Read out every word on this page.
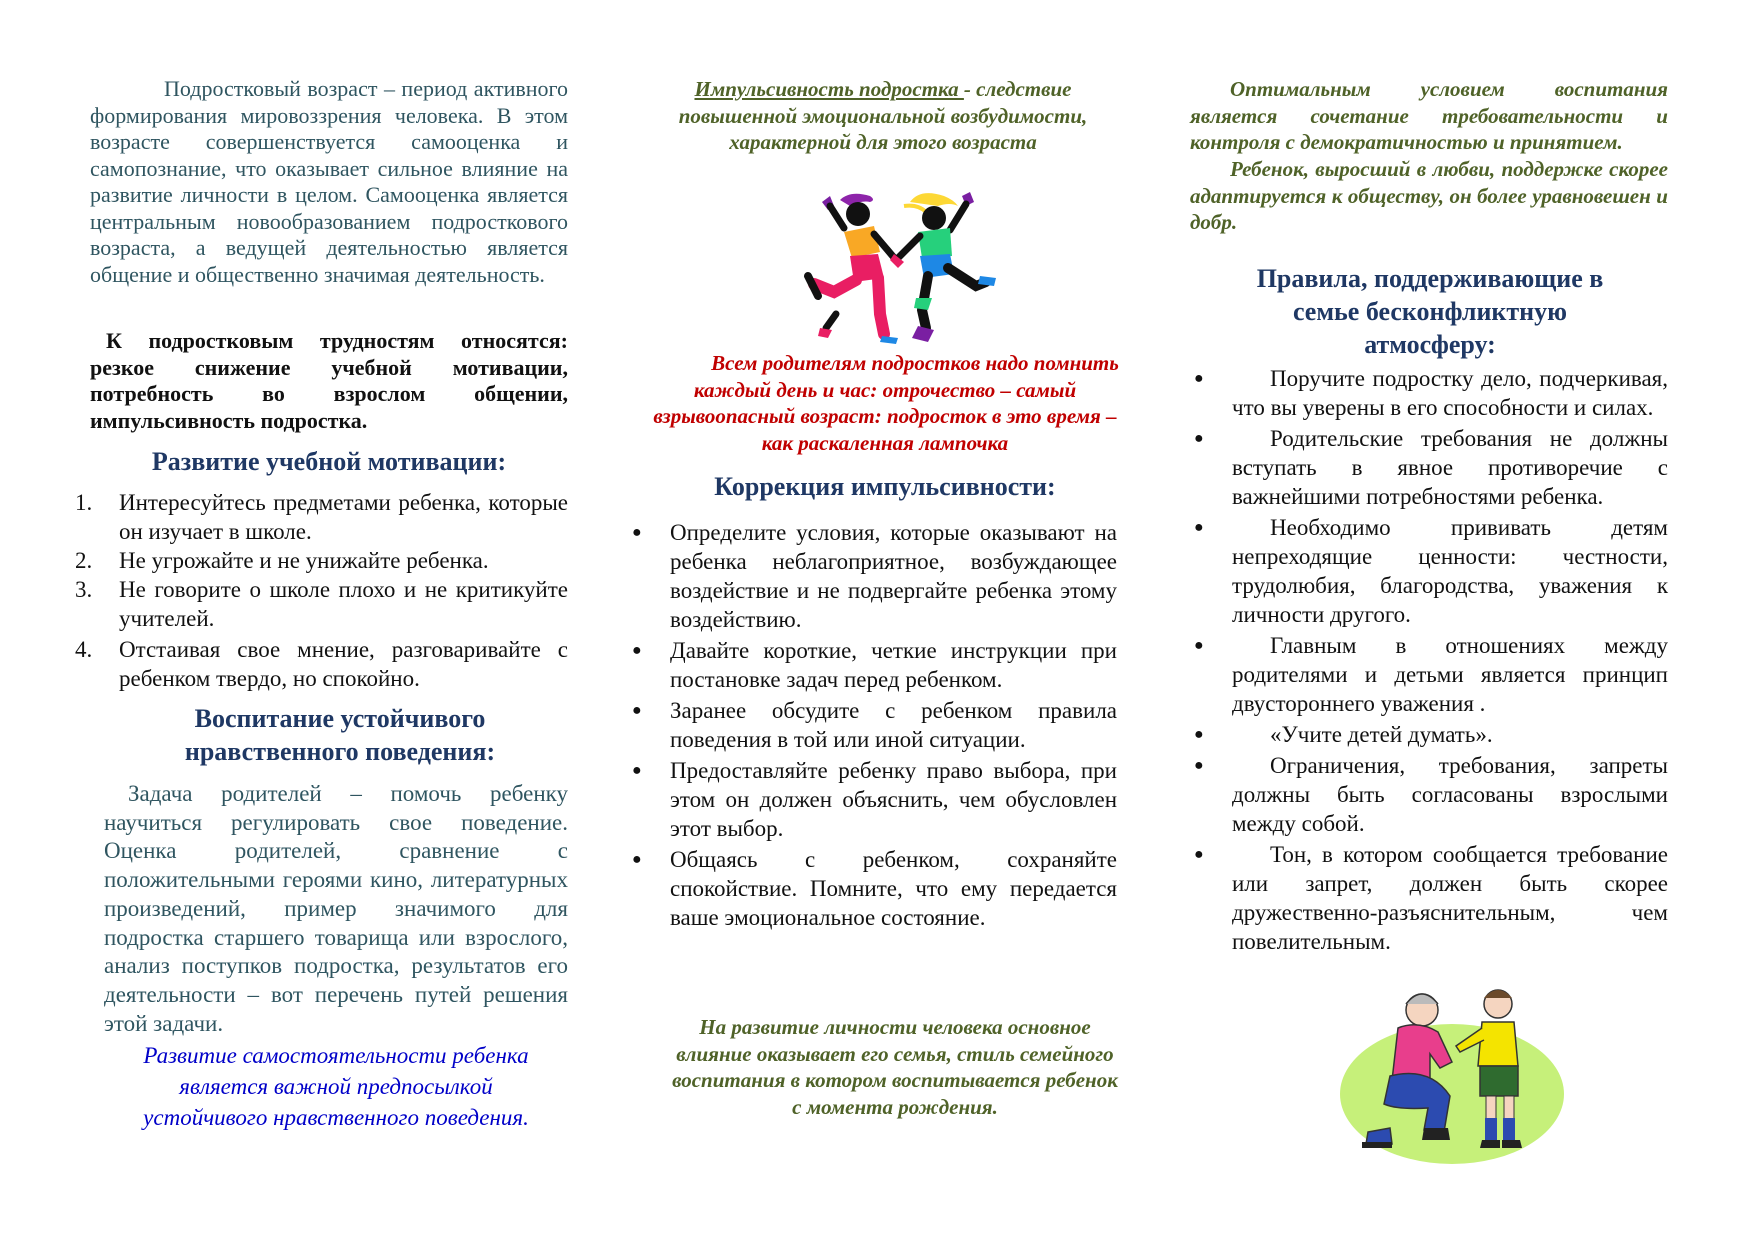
Подростковый возраст – период активного формирования мировоззрения человека. В этом возрасте совершенствуется самооценка и самопознание, что оказывает сильное влияние на развитие личности в целом. Самооценка является центральным новообразованием подросткового возраста, а ведущей деятельностью является общение и общественно значимая деятельность.

К подростковым трудностям относятся: резкое снижение учебной мотивации, потребность во взрослом общении, импульсивность подростка.

Развитие учебной мотивации:
1. Интересуйтесь предметами ребенка, которые он изучает в школе.
2. Не угрожайте и не унижайте ребенка.
3. Не говорите о школе плохо и не критикуйте учителей.
4. Отстаивая свое мнение, разговаривайте с ребенком твердо, но спокойно.
Воспитание устойчивого нравственного поведения:

Задача родителей – помочь ребенку научиться регулировать свое поведение. Оценка родителей, сравнение с положительными героями кино, литературных произведений, пример значимого для подростка старшего товарища или взрослого, анализ поступков подростка, результатов его деятельности – вот перечень путей решения этой задачи.

Развитие самостоятельности ребенка является важной предпосылкой устойчивого нравственного поведения.

Импульсивность подростка - следствие повышенной эмоциональной возбудимости, характерной для этого возраста

Всем родителям подростков надо помнить каждый день и час: отрочество – самый взрывоопасный возраст: подросток в это время – как раскаленная лампочка

Коррекция импульсивности:
● Определите условия, которые оказывают на ребенка неблагоприятное, возбуждающее воздействие и не подвергайте ребенка этому воздействию.
● Давайте короткие, четкие инструкции при постановке задач перед ребенком.
● Заранее обсудите с ребенком правила поведения в той или иной ситуации.
● Предоставляйте ребенку право выбора, при этом он должен объяснить, чем обусловлен этот выбор.
● Общаясь с ребенком, сохраняйте спокойствие. Помните, что ему передается ваше эмоциональное состояние.

На развитие личности человека основное влияние оказывает его семья, стиль семейного воспитания в котором воспитывается ребенок с момента рождения.

Оптимальным условием воспитания является сочетание требовательности и контроля с демократичностью и принятием.

Ребенок, выросший в любви, поддержке скорее адаптируется к обществу, он более уравновешен и добр.

Правила, поддерживающие в семье бесконфликтную атмосферу:
●	Поручите подростку дело, подчеркивая, что вы уверены в его способности и силах.
●	Родительские требования не должны вступать в явное противоречие с важнейшими потребностями ребенка.
●	Необходимо прививать детям непреходящие ценности: честности, трудолюбия, благородства, уважения к личности другого.
●	Главным в отношениях между родителями и детьми является принцип двустороннего уважения .
●	«Учите детей думать».
●	Ограничения, требования, запреты должны быть согласованы взрослыми между собой.
●	Тон, в котором сообщается требование или запрет, должен быть скорее дружественно-разъяснительным, чем повелительным.
